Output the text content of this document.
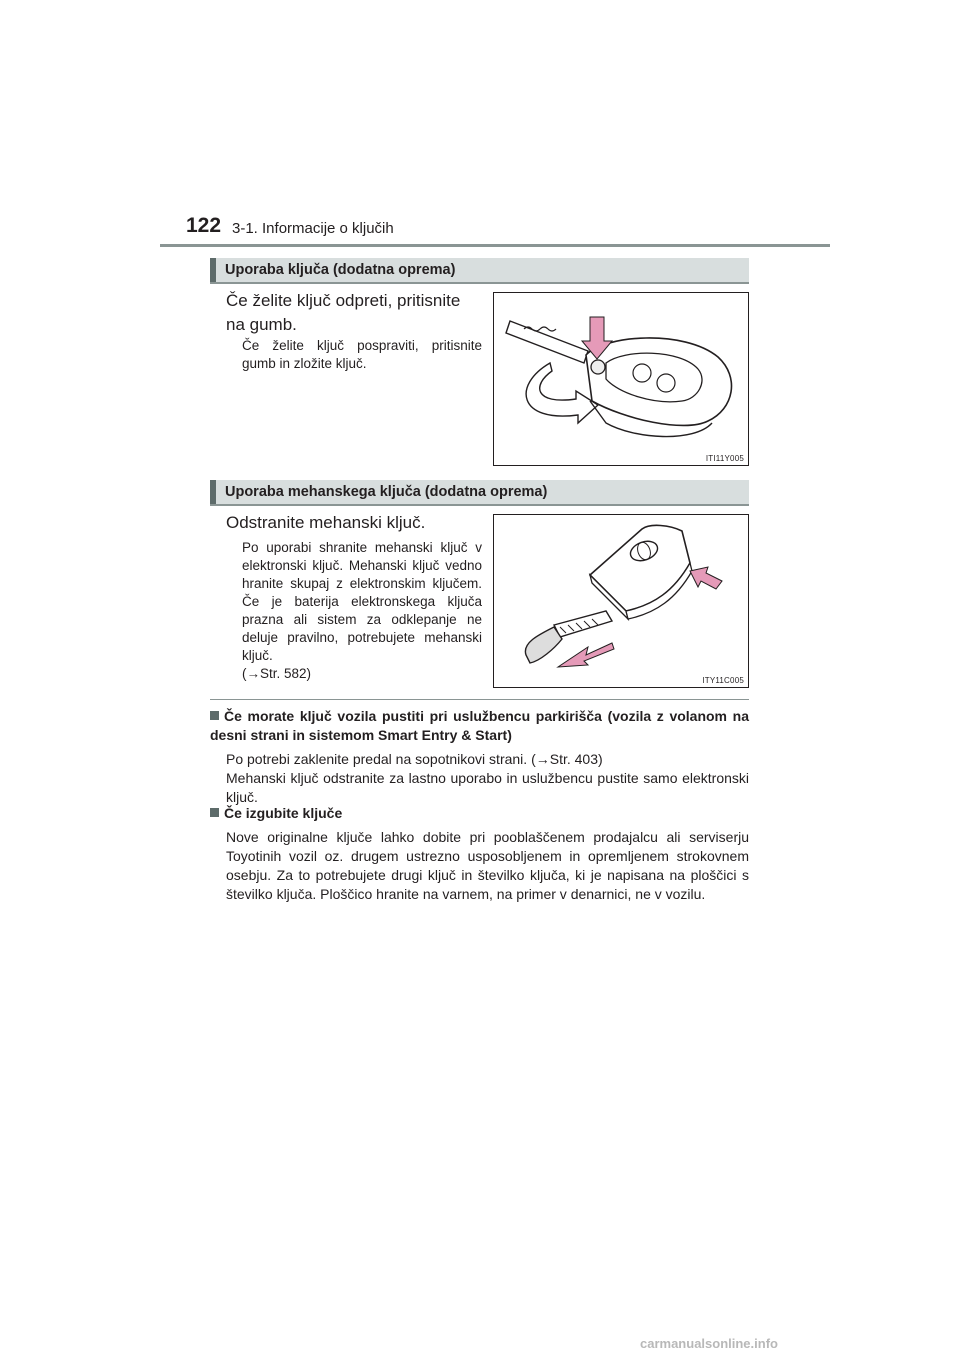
122 3-1. Informacije o ključih
Uporaba ključa (dodatna oprema)
Če želite ključ odpreti, pritisnite na gumb.
Če želite ključ pospraviti, pritisnite gumb in zložite ključ.
ITI11Y005
Uporaba mehanskega ključa (dodatna oprema)
Odstranite mehanski ključ.
Po uporabi shranite mehanski ključ v elektronski ključ. Mehanski ključ vedno hranite skupaj z elektronskim ključem. Če je baterija elektronskega ključa prazna ali sistem za odklepanje ne deluje pravilno, potrebujete mehanski ključ.
(→Str. 582)	ITY11C005
Če morate ključ vozila pustiti pri uslužbencu parkirišča (vozila z volanom na desni strani in sistemom Smart Entry & Start)
Po potrebi zaklenite predal na sopotnikovi strani. (→Str. 403)
Mehanski ključ odstranite za lastno uporabo in uslužbencu pustite samo elektronski ključ.
Če izgubite ključe
Nove originalne ključe lahko dobite pri pooblaščenem prodajalcu ali serviserju Toyotinih vozil oz. drugem ustrezno usposobljenem in opremljenem strokovnem osebju. Za to potrebujete drugi ključ in številko ključa, ki je napisana na ploščici s številko ključa. Ploščico hranite na varnem, na primer v denarnici, ne v vozilu.
carmanualsonline.info
